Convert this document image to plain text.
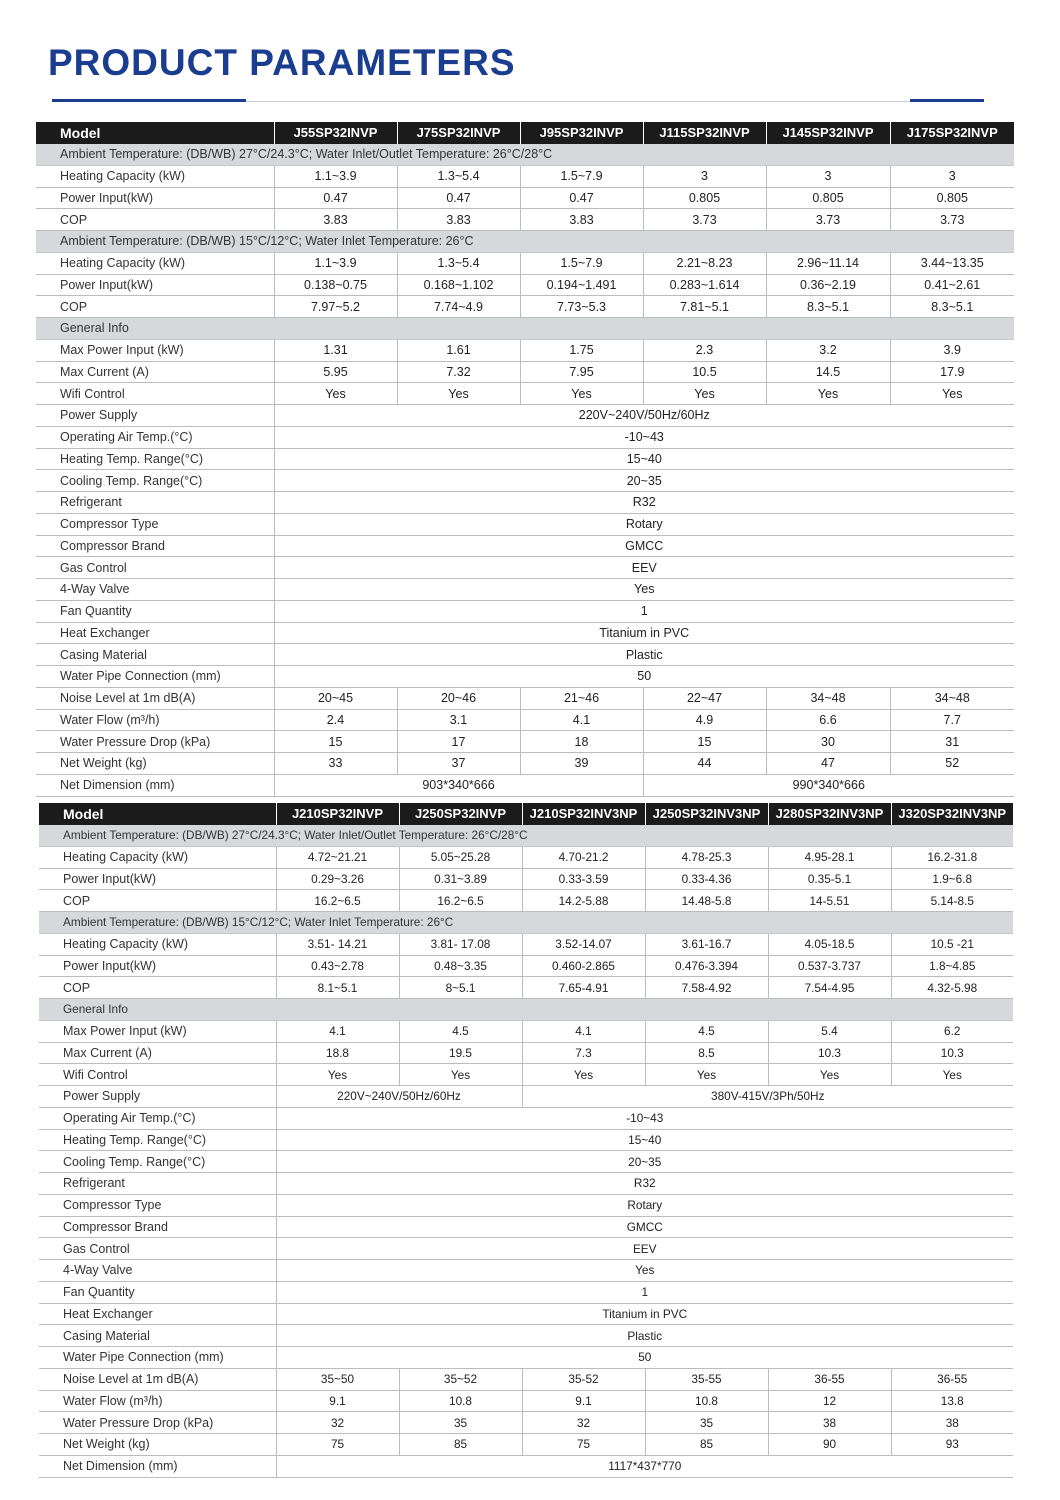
PRODUCT PARAMETERS
Model	J55SP32INVP	J75SP32INVP	J95SP32INVP	J115SP32INVP	J145SP32INVP	J175SP32INVP
Ambient Temperature: (DB/WB) 27°C/24.3°C; Water Inlet/Outlet Temperature: 26°C/28°C						
Heating Capacity (kW)	1.1~3.9	1.3~5.4	1.5~7.9	3	3	3
Power Input(kW)	0.47	0.47	0.47	0.805	0.805	0.805
COP	3.83	3.83	3.83	3.73	3.73	3.73
Ambient Temperature: (DB/WB) 15°C/12°C; Water Inlet Temperature: 26°C						
Heating Capacity (kW)	1.1~3.9	1.3~5.4	1.5~7.9	2.21~8.23	2.96~11.14	3.44~13.35
Power Input(kW)	0.138~0.75	0.168~1.102	0.194~1.491	0.283~1.614	0.36~2.19	0.41~2.61
COP	7.97~5.2	7.74~4.9	7.73~5.3	7.81~5.1	8.3~5.1	8.3~5.1
General Info						
Max Power Input (kW)	1.31	1.61	1.75	2.3	3.2	3.9
Max Current (A)	5.95	7.32	7.95	10.5	14.5	17.9
Wifi Control	Yes	Yes	Yes	Yes	Yes	Yes
Power Supply	220V~240V/50Hz/60Hz					
Operating Air Temp.(°C)	-10~43					
Heating Temp. Range(°C)	15~40					
Cooling Temp. Range(°C)	20~35					
Refrigerant	R32					
Compressor Type	Rotary					
Compressor Brand	GMCC					
Gas Control	EEV					
4-Way Valve	Yes					
Fan Quantity	1					
Heat Exchanger	Titanium in PVC					
Casing Material	Plastic					
Water Pipe Connection (mm)	50					
Noise Level at 1m dB(A)	20~45	20~46	21~46	22~47	34~48	34~48
Water Flow (m³/h)	2.4	3.1	4.1	4.9	6.6	7.7
Water Pressure Drop (kPa)	15	17	18	15	30	31
Net Weight (kg)	33	37	39	44	47	52
Net Dimension (mm)	903*340*666			990*340*666		
Model	J210SP32INVP	J250SP32INVP	J210SP32INV3NP	J250SP32INV3NP	J280SP32INV3NP	J320SP32INV3NP
Ambient Temperature: (DB/WB) 27°C/24.3°C; Water Inlet/Outlet Temperature: 26°C/28°C						
Heating Capacity (kW)	4.72~21.21	5.05~25.28	4.70-21.2	4.78-25.3	4.95-28.1	16.2-31.8
Power Input(kW)	0.29~3.26	0.31~3.89	0.33-3.59	0.33-4.36	0.35-5.1	1.9~6.8
COP	16.2~6.5	16.2~6.5	14.2-5.88	14.48-5.8	14-5.51	5.14-8.5
Ambient Temperature: (DB/WB) 15°C/12°C; Water Inlet Temperature: 26°C						
Heating Capacity (kW)	3.51- 14.21	3.81- 17.08	3.52-14.07	3.61-16.7	4.05-18.5	10.5 -21
Power Input(kW)	0.43~2.78	0.48~3.35	0.460-2.865	0.476-3.394	0.537-3.737	1.8~4.85
COP	8.1~5.1	8~5.1	7.65-4.91	7.58-4.92	7.54-4.95	4.32-5.98
General Info						
Max Power Input (kW)	4.1	4.5	4.1	4.5	5.4	6.2
Max Current (A)	18.8	19.5	7.3	8.5	10.3	10.3
Wifi Control	Yes	Yes	Yes	Yes	Yes	Yes
Power Supply	220V~240V/50Hz/60Hz		380V-415V/3Ph/50Hz			
Operating Air Temp.(°C)	-10~43					
Heating Temp. Range(°C)	15~40					
Cooling Temp. Range(°C)	20~35					
Refrigerant	R32					
Compressor Type	Rotary					
Compressor Brand	GMCC					
Gas Control	EEV					
4-Way Valve	Yes					
Fan Quantity	1					
Heat Exchanger	Titanium in PVC					
Casing Material	Plastic					
Water Pipe Connection (mm)	50					
Noise Level at 1m dB(A)	35~50	35~52	35-52	35-55	36-55	36-55
Water Flow (m³/h)	9.1	10.8	9.1	10.8	12	13.8
Water Pressure Drop (kPa)	32	35	32	35	38	38
Net Weight (kg)	75	85	75	85	90	93
Net Dimension (mm)	1117*437*770					
